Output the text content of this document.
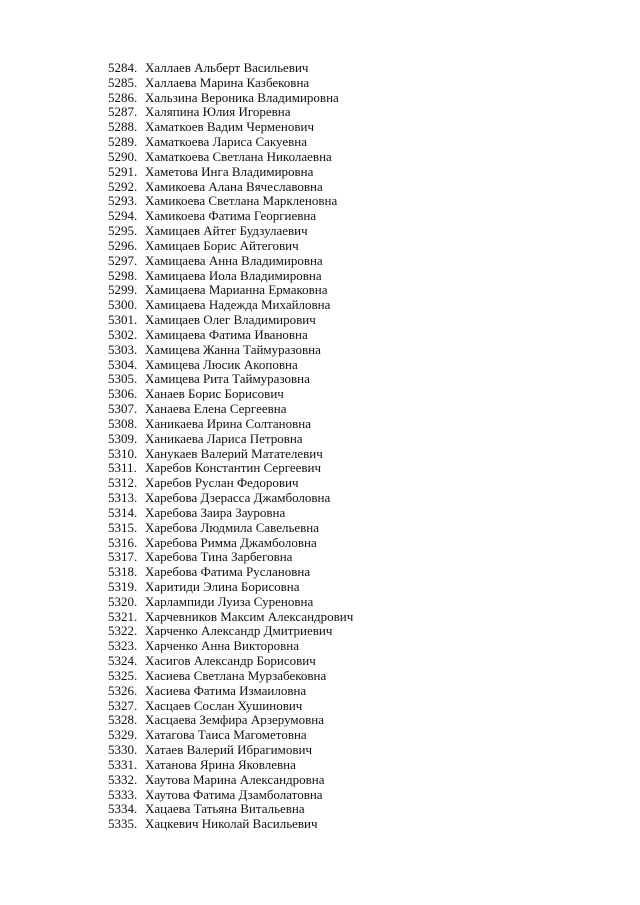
5284. Халлаев Альберт Васильевич
5285. Халлаева Марина Казбековна
5286. Хальзина Вероника Владимировна
5287. Халяпина Юлия Игоревна
5288. Хаматкоев Вадим Черменович
5289. Хаматкоева Лариса Сакуевна
5290. Хаматкоева Светлана Николаевна
5291. Хаметова Инга Владимировна
5292. Хамикоева Алана Вячеславовна
5293. Хамикоева Светлана Маркленовна
5294. Хамикоева Фатима Георгиевна
5295. Хамицаев Айтег Будзулаевич
5296. Хамицаев Борис Айтегович
5297. Хамицаева Анна Владимировна
5298. Хамицаева Иола Владимировна
5299. Хамицаева Марианна Ермаковна
5300. Хамицаева Надежда Михайловна
5301. Хамицаев Олег Владимирович
5302. Хамицаева Фатима Ивановна
5303. Хамицева Жанна Таймуразовна
5304. Хамицева Люсик Акоповна
5305. Хамицева Рита Таймуразовна
5306. Ханаев Борис Борисович
5307. Ханаева Елена Сергеевна
5308. Ханикаева Ирина Солтановна
5309. Ханикаева Лариса Петровна
5310. Ханукаев Валерий Матателевич
5311. Харебов Константин Сергеевич
5312. Харебов Руслан Федорович
5313. Харебова Дзерасса Джамболовна
5314. Харебова Заира Зауровна
5315. Харебова Людмила Савельевна
5316. Харебова Римма Джамболовна
5317. Харебова Тина Зарбеговна
5318. Харебова Фатима Руслановна
5319. Харитиди Элина Борисовна
5320. Харлампиди Луиза Суреновна
5321. Харчевников Максим Александрович
5322. Харченко Александр Дмитриевич
5323. Харченко Анна Викторовна
5324. Хасигов Александр Борисович
5325. Хасиева Светлана Мурзабековна
5326. Хасиева Фатима Измаиловна
5327. Хасцаев Сослан Хушинович
5328. Хасцаева Земфира Арзерумовна
5329. Хатагова Таиса Магометовна
5330. Хатаев Валерий Ибрагимович
5331. Хатанова Ярина Яковлевна
5332. Хаутова Марина Александровна
5333. Хаутова Фатима Дзамболатовна
5334. Хацаева Татьяна Витальевна
5335. Хацкевич Николай Васильевич
